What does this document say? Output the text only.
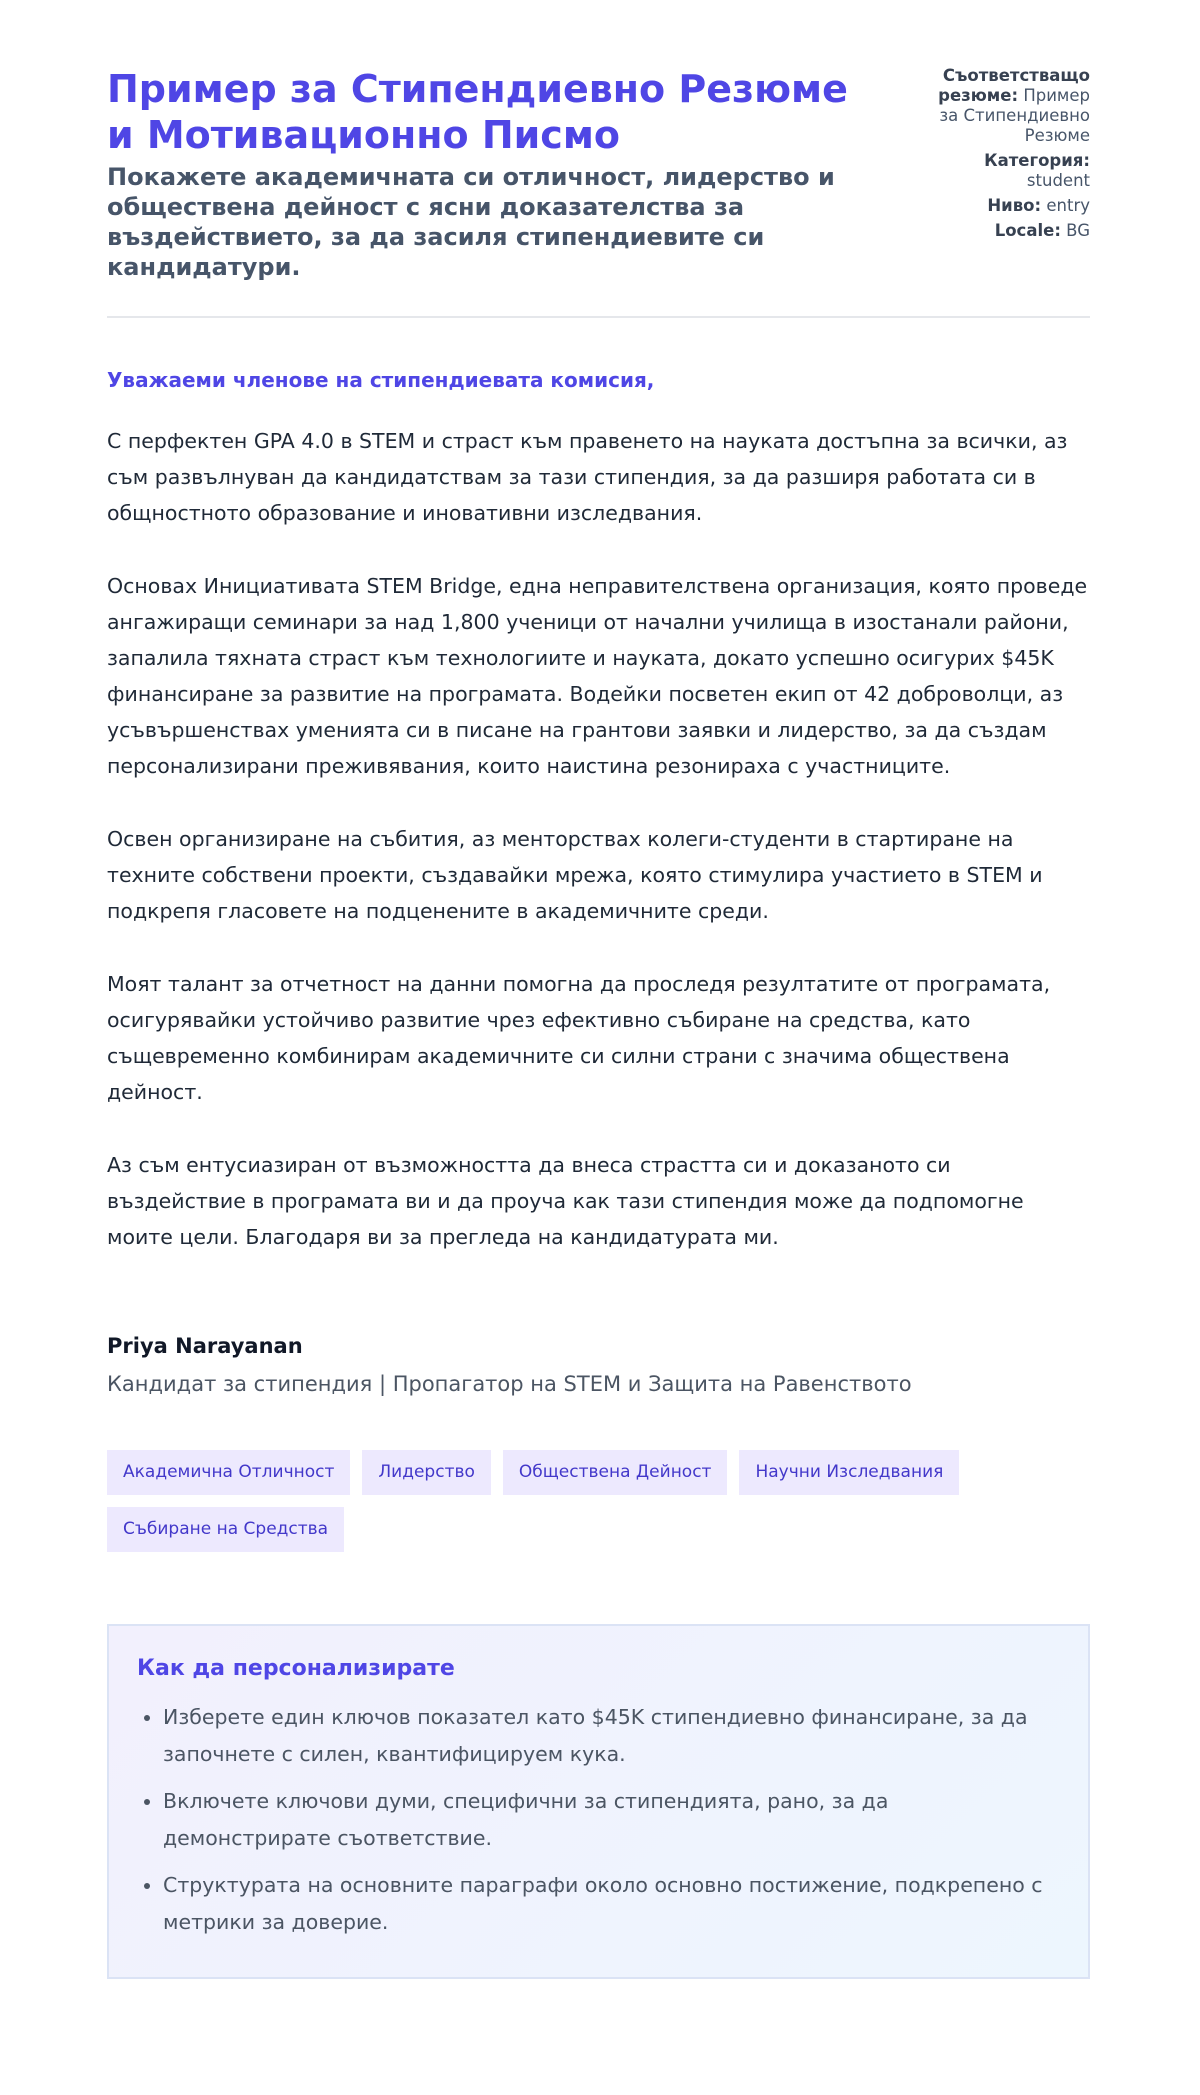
Пример за Стипендиевно Резюме и Мотивационно Писмо
Покажете академичната си отличност, лидерство и обществена дейност с ясни доказателства за въздействието, за да засиля стипендиевите си кандидатури.
Съответстващо резюме: Пример за Стипендиевно Резюме
Категория: student
Ниво: entry
Locale: BG
Уважаеми членове на стипендиевата комисия,

С перфектен GPA 4.0 в STEM и страст към правенето на науката достъпна за всички, аз съм развълнуван да кандидатствам за тази стипендия, за да разширя работата си в общностното образование и иновативни изследвания.

Основах Инициативата STEM Bridge, една неправителствена организация, която проведе ангажиращи семинари за над 1,800 ученици от начални училища в изостанали райони, запалила тяхната страст към технологиите и науката, докато успешно осигурих $45K финансиране за развитие на програмата. Водейки посветен екип от 42 доброволци, аз усъвършенствах уменията си в писане на грантови заявки и лидерство, за да създам персонализирани преживявания, които наистина резонираха с участниците.

Освен организиране на събития, аз менторствах колеги-студенти в стартиране на техните собствени проекти, създавайки мрежа, която стимулира участието в STEM и подкрепя гласовете на подценените в академичните среди.

Моят талант за отчетност на данни помогна да проследя резултатите от програмата, осигурявайки устойчиво развитие чрез ефективно събиране на средства, като същевременно комбинирам академичните си силни страни с значима обществена дейност.

Аз съм ентусиазиран от възможността да внеса страстта си и доказаното си въздействие в програмата ви и да проуча как тази стипендия може да подпомогне моите цели. Благодаря ви за прегледа на кандидатурата ми.

Priya Narayanan
Кандидат за стипендия | Пропагатор на STEM и Защита на Равенството
Академична Отличност	Лидерство	Обществена Дейност	Научни Изследвания
Събиране на Средства
Как да персонализирате
• Изберете един ключов показател като $45K стипендиевно финансиране, за да започнете с силен, квантифицируем кука.
• Включете ключови думи, специфични за стипендията, рано, за да демонстрирате съответствие.
• Структурата на основните параграфи около основно постижение, подкрепено с метрики за доверие.
